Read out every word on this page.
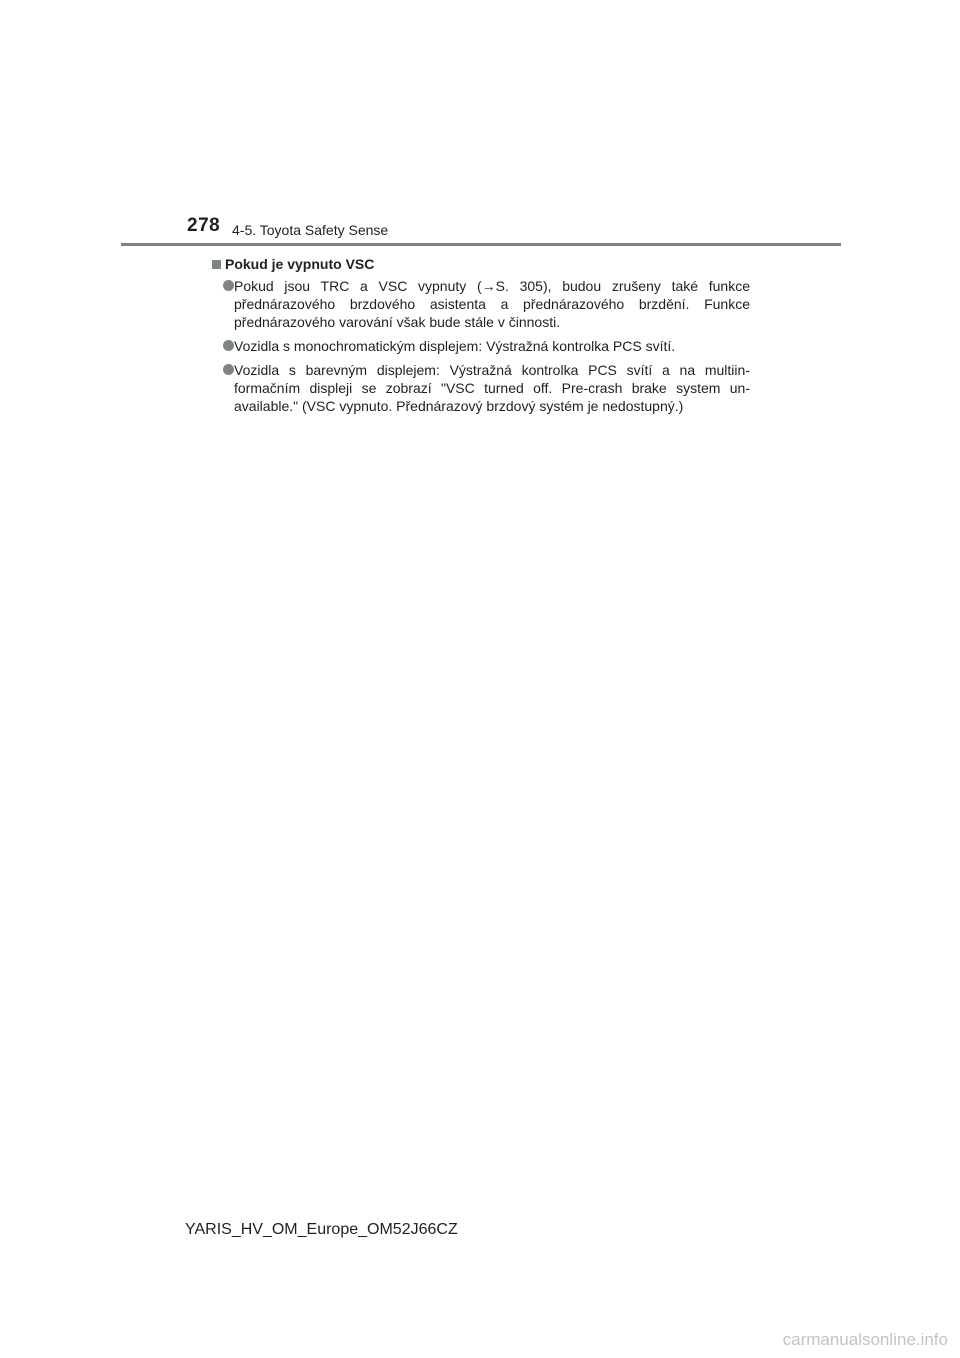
278 4-5. Toyota Safety Sense
Pokud je vypnuto VSC
Pokud jsou TRC a VSC vypnuty (→S. 305), budou zrušeny také funkce přednárazového brzdového asistenta a přednárazového brzdění. Funkce přednárazového varování však bude stále v činnosti.
Vozidla s monochromatickým displejem: Výstražná kontrolka PCS svítí.
Vozidla s barevným displejem: Výstražná kontrolka PCS svítí a na multiinformačním displeji se zobrazí "VSC turned off. Pre-crash brake system unavailable." (VSC vypnuto. Přednárazový brzdový systém je nedostupný.)
YARIS_HV_OM_Europe_OM52J66CZ
carmanualsonline.info
